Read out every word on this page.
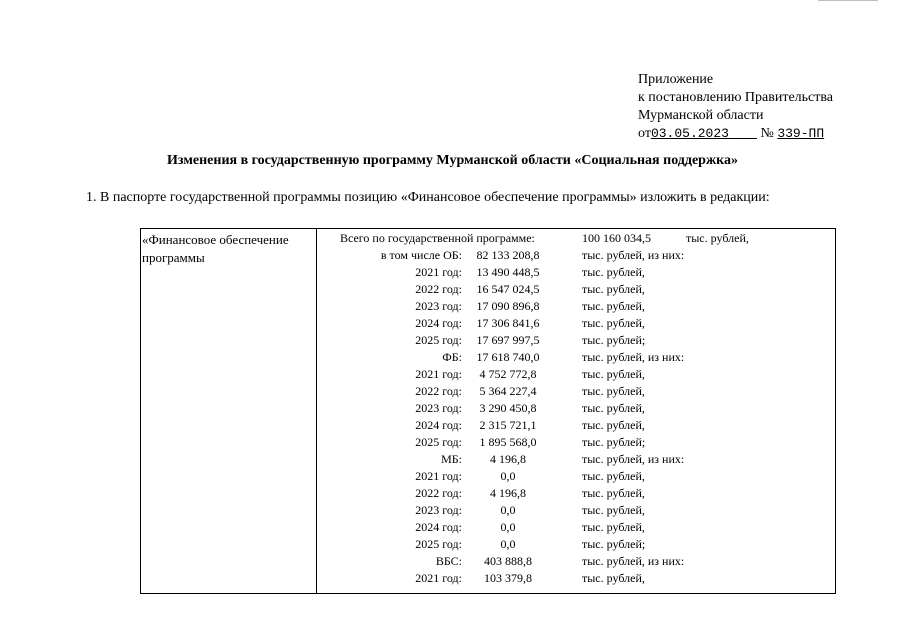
Приложение
к постановлению Правительства
Мурманской области
от03.05.2023 № 339-ПП
Изменения в государственную программу Мурманской области «Социальная поддержка»
1. В паспорте государственной программы позицию «Финансовое обеспечение программы» изложить в редакции:
«Финансовое обеспечение
программы
Всего по государственной программе:	100 160 034,5	тыс. рублей,
в том числе ОБ:	82 133 208,8	тыс. рублей, из них:
2021 год:	13 490 448,5	тыс. рублей,
2022 год:	16 547 024,5	тыс. рублей,
2023 год:	17 090 896,8	тыс. рублей,
2024 год:	17 306 841,6	тыс. рублей,
2025 год:	17 697 997,5	тыс. рублей;
ФБ:	17 618 740,0	тыс. рублей, из них:
2021 год:	4 752 772,8	тыс. рублей,
2022 год:	5 364 227,4	тыс. рублей,
2023 год:	3 290 450,8	тыс. рублей,
2024 год:	2 315 721,1	тыс. рублей,
2025 год:	1 895 568,0	тыс. рублей;
МБ:	4 196,8	тыс. рублей, из них:
2021 год:	0,0	тыс. рублей,
2022 год:	4 196,8	тыс. рублей,
2023 год:	0,0	тыс. рублей,
2024 год:	0,0	тыс. рублей,
2025 год:	0,0	тыс. рублей;
ВБС:	403 888,8	тыс. рублей, из них:
2021 год:	103 379,8	тыс. рублей,
